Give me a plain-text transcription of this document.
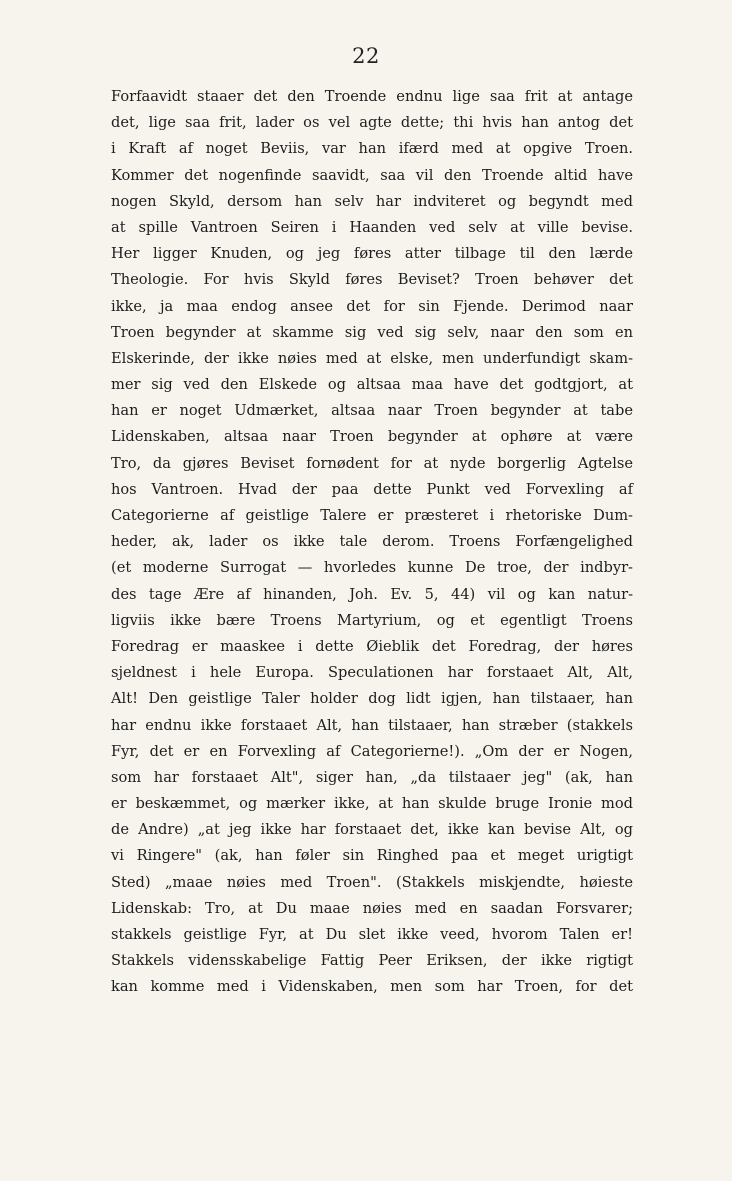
22
Forfaavidt staaer det den Troende endnu lige saa frit at antage
det, lige saa frit, lader os vel agte dette; thi hvis han antog det
i Kraft af noget Beviis, var han ifærd med at opgive Troen.
Kommer det nogenfinde saavidt, saa vil den Troende altid have
nogen Skyld, dersom han selv har indviteret og begyndt med
at spille Vantroen Seiren i Haanden ved selv at ville bevise.
Her ligger Knuden, og jeg føres atter tilbage til den lærde
Theologie. For hvis Skyld føres Beviset? Troen behøver det
ikke, ja maa endog ansee det for sin Fjende. Derimod naar
Troen begynder at skamme sig ved sig selv, naar den som en
Elskerinde, der ikke nøies med at elske, men underfundigt skam-
mer sig ved den Elskede og altsaa maa have det godtgjort, at
han er noget Udmærket, altsaa naar Troen begynder at tabe
Lidenskaben, altsaa naar Troen begynder at ophøre at være
Tro, da gjøres Beviset fornødent for at nyde borgerlig Agtelse
hos Vantroen. Hvad der paa dette Punkt ved Forvexling af
Categorierne af geistlige Talere er præsteret i rhetoriske Dum-
heder, ak, lader os ikke tale derom. Troens Forfængelighed
(et moderne Surrogat — hvorledes kunne De troe, der indbyr-
des tage Ære af hinanden, Joh. Ev. 5, 44) vil og kan natur-
ligviis ikke bære Troens Martyrium, og et egentligt Troens
Foredrag er maaskee i dette Øieblik det Foredrag, der høres
sjeldnest i hele Europa. Speculationen har forstaaet Alt, Alt,
Alt! Den geistlige Taler holder dog lidt igjen, han tilstaaer, han
har endnu ikke forstaaet Alt, han tilstaaer, han stræber (stakkels
Fyr, det er en Forvexling af Categorierne!). „Om der er Nogen,
som har forstaaet Alt", siger han, „da tilstaaer jeg" (ak, han
er beskæmmet, og mærker ikke, at han skulde bruge Ironie mod
de Andre) „at jeg ikke har forstaaet det, ikke kan bevise Alt, og
vi Ringere" (ak, han føler sin Ringhed paa et meget urigtigt
Sted) „maae nøies med Troen". (Stakkels miskjendte, høieste
Lidenskab: Tro, at Du maae nøies med en saadan Forsvarer;
stakkels geistlige Fyr, at Du slet ikke veed, hvorom Talen er!
Stakkels vidensskabelige Fattig Peer Eriksen, der ikke rigtigt
kan komme med i Videnskaben, men som har Troen, for det
